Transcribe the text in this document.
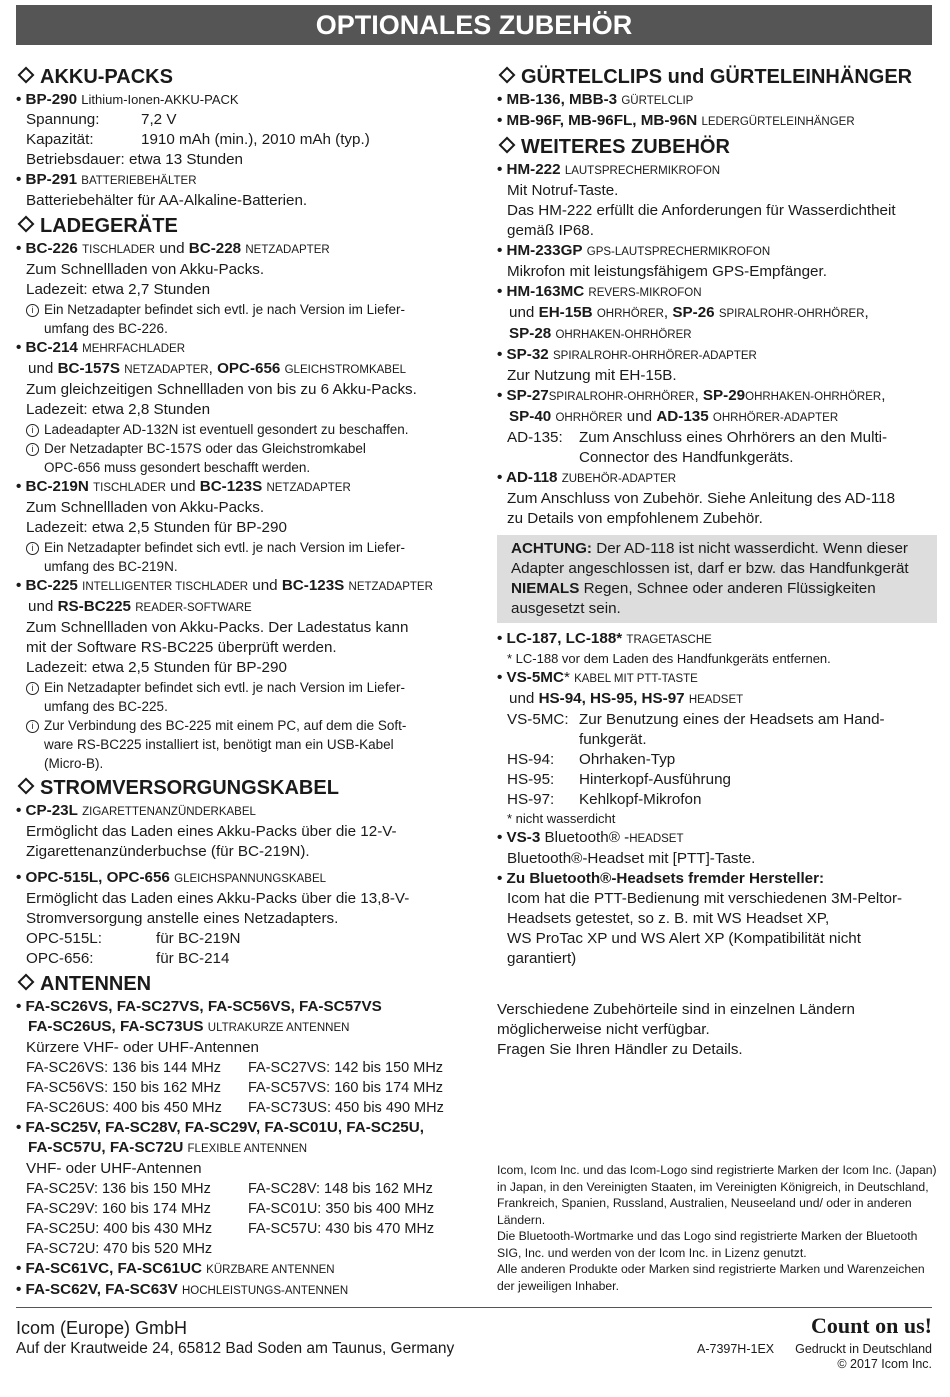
OPTIONALES ZUBEHÖR
AKKU-PACKS
• BP-290 Lithium-Ionen-AKKU-PACK
Spannung:	7,2 V
Kapazität:	1910 mAh (min.), 2010 mAh (typ.)
Betriebsdauer: etwa 13 Stunden
• BP-291 BATTERIEBEHÄLTER
Batteriebehälter für AA-Alkaline-Batterien.
LADEGERÄTE
• BC-226 TISCHLADER und BC-228 NETZADAPTER
Zum Schnellladen von Akku-Packs.
Ladezeit: etwa 2,7 Stunden
i Ein Netzadapter befindet sich evtl. je nach Version im Liefer-
umfang des BC-226.
• BC-214 MEHRFACHLADER
und BC-157S NETZADAPTER, OPC-656 GLEICHSTROMKABEL
Zum gleichzeitigen Schnellladen von bis zu 6 Akku-Packs.
Ladezeit: etwa 2,8 Stunden
i Ladeadapter AD-132N ist eventuell gesondert zu beschaffen.
i Der Netzadapter BC-157S oder das Gleichstromkabel
OPC-656 muss gesondert beschafft werden.
• BC-219N TISCHLADER und BC-123S NETZADAPTER
Zum Schnellladen von Akku-Packs.
Ladezeit: etwa 2,5 Stunden für BP-290
i Ein Netzadapter befindet sich evtl. je nach Version im Liefer-
umfang des BC-219N.
• BC-225 INTELLIGENTER TISCHLADER und BC-123S NETZADAPTER
und RS-BC225 READER-SOFTWARE
Zum Schnellladen von Akku-Packs. Der Ladestatus kann
mit der Software RS-BC225 überprüft werden.
Ladezeit: etwa 2,5 Stunden für BP-290
i Ein Netzadapter befindet sich evtl. je nach Version im Liefer-
umfang des BC-225.
i Zur Verbindung des BC-225 mit einem PC, auf dem die Soft-
ware RS-BC225 installiert ist, benötigt man ein USB-Kabel
(Micro-B).
STROMVERSORGUNGSKABEL
• CP-23L ZIGARETTENANZÜNDERKABEL
Ermöglicht das Laden eines Akku-Packs über die 12-V-
Zigarettenanzünderbuchse (für BC-219N).
• OPC-515L, OPC-656 GLEICHSPANNUNGSKABEL
Ermöglicht das Laden eines Akku-Packs über die 13,8-V-
Stromversorgung anstelle eines Netzadapters.
OPC-515L:	für BC-219N
OPC-656:	für BC-214
ANTENNEN
• FA-SC26VS, FA-SC27VS, FA-SC56VS, FA-SC57VS
FA-SC26US, FA-SC73US ULTRAKURZE ANTENNEN
Kürzere VHF- oder UHF-Antennen
FA-SC26VS: 136 bis 144 MHz FA-SC27VS: 142 bis 150 MHz
FA-SC56VS: 150 bis 162 MHz FA-SC57VS: 160 bis 174 MHz
FA-SC26US: 400 bis 450 MHz FA-SC73US: 450 bis 490 MHz
• FA-SC25V, FA-SC28V, FA-SC29V, FA-SC01U, FA-SC25U,
FA-SC57U, FA-SC72U FLEXIBLE ANTENNEN
VHF- oder UHF-Antennen
FA-SC25V: 136 bis 150 MHz	FA-SC28V: 148 bis 162 MHz
FA-SC29V: 160 bis 174 MHz	FA-SC01U: 350 bis 400 MHz
FA-SC25U: 400 bis 430 MHz FA-SC57U: 430 bis 470 MHz
FA-SC72U: 470 bis 520 MHz
• FA-SC61VC, FA-SC61UC KÜRZBARE ANTENNEN
• FA-SC62V, FA-SC63V HOCHLEISTUNGS-ANTENNEN
GÜRTELCLIPS und GÜRTELEINHÄNGER
• MB-136, MBB-3 GÜRTELCLIP
• MB-96F, MB-96FL, MB-96N LEDERGÜRTELEINHÄNGER
WEITERES ZUBEHÖR
• HM-222 LAUTSPRECHERMIKROFON
Mit Notruf-Taste.
Das HM-222 erfüllt die Anforderungen für Wasserdichtheit
gemäß IP68.
• HM-233GP GPS-LAUTSPRECHERMIKROFON
Mikrofon mit leistungsfähigem GPS-Empfänger.
• HM-163MC REVERS-MIKROFON
und EH-15B OHRHÖRER, SP-26 SPIRALROHR-OHRHÖRER,
SP-28 OHRHAKEN-OHRHÖRER
• SP-32 SPIRALROHR-OHRHÖRER-ADAPTER
Zur Nutzung mit EH-15B.
• SP-27SPIRALROHR-OHRHÖRER, SP-29OHRHAKEN-OHRHÖRER,
SP-40 OHRHÖRER und AD-135 OHRHÖRER-ADAPTER
AD-135: Zum Anschluss eines Ohrhörers an den Multi-
Connector des Handfunkgeräts.
• AD-118 ZUBEHÖR-ADAPTER
Zum Anschluss von Zubehör. Siehe Anleitung des AD-118
zu Details von empfohlenem Zubehör.
ACHTUNG: Der AD-118 ist nicht wasserdicht. Wenn dieser Adapter angeschlossen ist, darf er bzw. das Handfunkgerät NIEMALS Regen, Schnee oder anderen Flüssigkeiten ausgesetzt sein.
• LC-187, LC-188* TRAGETASCHE
* LC-188 vor dem Laden des Handfunkgeräts entfernen.
• VS-5MC* KABEL MIT PTT-TASTE
und HS-94, HS-95, HS-97 HEADSET
VS-5MC: Zur Benutzung eines der Headsets am Hand-
funkgerät.
HS-94: Ohrhaken-Typ
HS-95: Hinterkopf-Ausführung
HS-97: Kehlkopf-Mikrofon
* nicht wasserdicht
• VS-3 Bluetooth® -HEADSET
Bluetooth®-Headset mit [PTT]-Taste.
• Zu Bluetooth®-Headsets fremder Hersteller:
Icom hat die PTT-Bedienung mit verschiedenen 3M-Peltor-
Headsets getestet, so z. B. mit WS Headset XP,
WS ProTac XP und WS Alert XP (Kompatibilität nicht
garantiert)
Verschiedene Zubehörteile sind in einzelnen Ländern
möglicherweise nicht verfügbar.
Fragen Sie Ihren Händler zu Details.
Icom, Icom Inc. und das Icom-Logo sind registrierte Marken der Icom Inc. (Japan) in Japan, in den Vereinigten Staaten, im Vereinigten Königreich, in Deutschland, Frankreich, Spanien, Russland, Australien, Neuseeland und/ oder in anderen Ländern.
Die Bluetooth-Wortmarke und das Logo sind registrierte Marken der Bluetooth SIG, Inc. und werden von der Icom Inc. in Lizenz genutzt.
Alle anderen Produkte oder Marken sind registrierte Marken und Warenzeichen der jeweiligen Inhaber.
Icom (Europe) GmbH
Auf der Krautweide 24, 65812 Bad Soden am Taunus, Germany
Count on us!
A-7397H-1EX Gedruckt in Deutschland
© 2017 Icom Inc.
